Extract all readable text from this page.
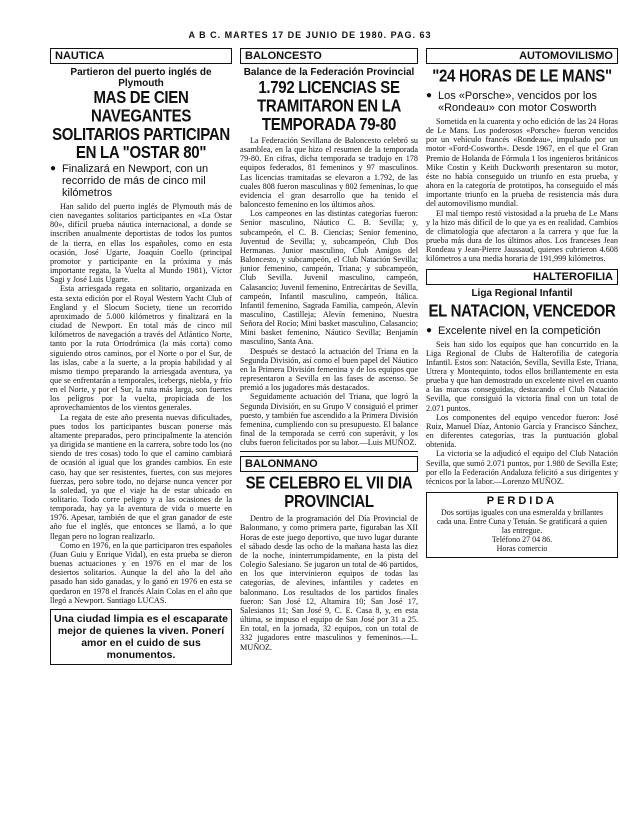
A B C. MARTES 17 DE JUNIO DE 1980. PAG. 63
NAUTICA
Partieron del puerto inglés de Plymouth
MAS DE CIEN NAVEGANTES SOLITARIOS PARTICIPAN EN LA "OSTAR 80"
● Finalizará en Newport, con un recorrido de más de cinco mil kilómetros

Han salido del puerto inglés de Plymouth más de cien navegantes solitarios participantes en «La Ostar 80», difícil prueba náutica internacional, a donde se inscriben anualmente deportistas de todos los puntos de la tierra, en ellas los españoles, como en esta ocasión, José Ugarte, Joaquín Coello (principal promotor y participante en la próxima y más importante regata, la Vuelta al Mundo 1981), Víctor Sagi y José Luis Ugarte.

Esta arriesgada regata en solitario, organizada en esta sexta edición por el Royal Western Yacht Club of England y el Slocum Society, tiene un recorrido aproximado de 5.000 kilómetros y finalizará en la ciudad de Newport. En total más de cinco mil kilómetros de navegación a través del Atlántico Norte, tanto por la ruta Ortodrómica (la más corta) como siguiendo otros caminos, por el Norte o por el Sur, de las islas, cabe a la suerte, a la propia habilidad y al mismo tiempo preparando la arriesgada aventura, ya que se enfrentarán a temporales, icebergs, niebla, y frío en el Norte, y por el Sur, la ruta más larga, son fuertes los peligros por la vuelta, propiciada de los aprovechamientos de los vientos generales.

La regata de este año presenta nuevas dificultades, pues todos los participantes buscan ponerse más altamente preparados, pero principalmente la atención ya dirigida se mantiene en la carrera, sobre todo los (no siendo de tres cosas) todo lo que el camino cambiará de ocasión al igual que los grandes cambios. En este caso, hay que ser resistentes, fuertes, con sus mejores fuerzas, pero sobre todo, no dejarse nunca vencer por la soledad, ya que el viaje ha de estar ubicado en solitario. Todo corre peligro y a las ocasiones de la temporada, hay ya la aventura de vida o muerte en 1976. Apesar, también de que el gran ganador de este año fue el inglés, que entonces se llamó, a lo que llegan pero no logran realizarlo.

Como en 1976, en la que participaron tres españoles (Juan Guiu y Enrique Vidal), en esta prueba se dieron buenas actuaciones y en 1976 en el mar de los desiertos solitarios. Aunque la del año la del año pasado han sido ganadas, y lo ganó en 1976 en esta se quedaron en 1978 el francés Alain Colas en el año que llegó a Newport. Santiago LUCAS.

Una ciudad limpia es el escaparate mejor de quienes la viven. Ponerí amor en el cuido de sus monumentos.
BALONCESTO
Balance de la Federación Provincial
1.792 LICENCIAS SE TRAMITARON EN LA TEMPORADA 79-80

La Federación Sevillana de Baloncesto celebró su asamblea, en la que hizo el resumen de la temporada 79-80. En cifras, dicha temporada se tradujo en 178 equipos federados, 81 femeninos y 97 masculinos. Las licencias tramitadas se elevaron a 1.792, de las cuales 808 fueron masculinas y 802 femeninas, lo que evidencia el gran desarrollo que ha tenido el baloncesto femenino en los últimos años.

Los campeones en las distintas categorías fueron: Senior masculino, Náutico C. B. Sevilla; y, subcampeón, el C. B. Ciencias; Senior femenino, Juventud de Sevilla; y, subcampeón, Club Dos Hermanas. Junior masculino, Club Amigos del Baloncesto, y subcampeón, el Club Natación Sevilla; junior femenino, campeón, Triana; y subcampeón, Club Sevilla. Juvenil masculino, campeón, Calasancio; Juvenil femenino, Entrecáritas de Sevilla, campeón, Infantil masculino, campeón, Itálica. Infantil femenino, Sagrada Familia, campeón, Alevín masculino, Castilleja; Alevín femenino, Nuestra Señora del Rocío; Mini basket masculino, Calasancio; Mini basket femenino, Náutico Sevilla; Benjamín masculino, Santa Ana.

Después se destacó la actuación del Triana en la Segunda División, así como el buen papel del Náutico en la Primera División femenina y de los equipos que representaron a Sevilla en las fases de ascenso. Se premió a los jugadores más destacados.

Seguidamente actuación del Triana, que logró la Segunda División, en su Grupo V consiguió el primer puesto, y también fue ascendido a la Primera División femenina, cumpliendo con su presupuesto. El balance final de la temporada se cerró con superávit, y los clubs fueron felicitados por su labor.—Luis MUÑOZ.

BALONMANO
SE CELEBRO EL VII DIA PROVINCIAL

Dentro de la programación del Día Provincial de Balonmano, y como primera parte, figuraban las XII Horas de este juego deportivo, que tuvo lugar durante el sábado desde las ocho de la mañana hasta las diez de la noche, ininterrumpidamente, en la pista del Colegio Salesiano. Se jugaron un total de 46 partidos, en los que intervinieron equipos de todas las categorías, de alevines, infantiles y cadetes en balonmano. Los resultados de los partidos finales fueron: San José 12, Altamira 10; San José 17, Salesianos 11; San José 9, C. E. Casa 8, y, en esta última, se impuso el equipo de San José por 31 a 25. En total, en la jornada, 32 equipos, con un total de 332 jugadores entre masculinos y femeninos.—L. MUÑOZ.

AUTOMOVILISMO
"24 HORAS DE LE MANS"
● Los «Porsche», vencidos por los «Rondeau» con motor Cosworth

Sometida en la cuarenta y ocho edición de las 24 Horas de Le Mans. Los poderosos «Porsche» fueron vencidos por un vehículo francés «Rondeau», impulsado por un motor «Ford-Cosworth». Desde 1967, en el que el Gran Premio de Holanda de Fórmula 1 los ingenieros británicos Mike Costin y Keith Duckworth presentaron su motor, éste no había conseguido un triunfo en esta prueba, y ahora en la categoría de prototipos, ha conseguido el más importante triunfo en la prueba de resistencia más dura del automovilismo mundial.

El mal tiempo restó vistosidad a la prueba de Le Mans y la hizo más difícil de lo que ya es en realidad. Cambios de climatología que afectaron a la carrera y que fue la prueba más dura de los últimos años. Los franceses Jean Rondeau y Jean-Pierre Jaussaud, quienes cubrieron 4.608 kilómetros a una media horaria de 191,999 kilómetros.

HALTEROFILIA
Liga Regional Infantil
EL NATACION, VENCEDOR
● Excelente nivel en la competición

Seis han sido los equipos que han concurrido en la Liga Regional de Clubs de Halterofilia de categoría Infantil. Estos son: Natación, Sevilla, Sevilla Este, Triana, Utrera y Montequinto, todos ellos brillantemente en esta prueba y que han demostrado un excelente nivel en cuanto a las marcas conseguidas, destacando el Club Natación Sevilla, que consiguió la victoria final con un total de 2.071 puntos.

Los componentes del equipo vencedor fueron: José Ruiz, Manuel Díaz, Antonio García y Francisco Sánchez, en diferentes categorías, tras la puntuación global obtenida.

La victoria se la adjudicó el equipo del Club Natación Sevilla, que sumó 2.071 puntos, por 1.980 de Sevilla Este; por ello la Federación Andaluza felicitó a sus dirigentes y técnicos por la labor.—Lorenzo MUÑOZ.

PERDIDA
Dos sortijas iguales con una esmeralda y brillantes cada una. Entre Cuna y Tetuán. Se gratificará a quien las entregue.
Teléfono 27 04 86.
Horas comercio
